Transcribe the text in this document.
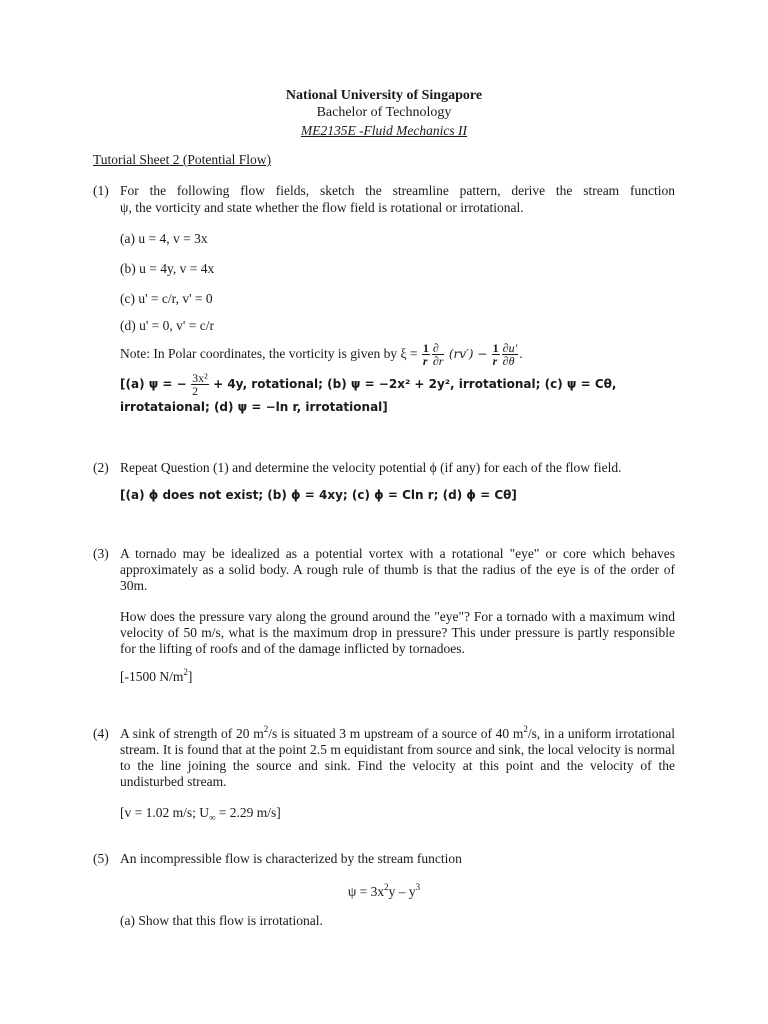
National University of Singapore
Bachelor of Technology
ME2135E -Fluid Mechanics II
Tutorial Sheet 2 (Potential Flow)
(1) For the following flow fields, sketch the streamline pattern, derive the stream function
ψ, the vorticity and state whether the flow field is rotational or irrotational.
(a) u = 4, v = 3x
(b) u = 4y, v = 4x
(c) u' = c/r, v' = 0
(d) u' = 0, v' = c/r
Note: In Polar coordinates, the vorticity is given by $\xi = \frac{1}{r} \frac{\partial}{\partial r} (rv') - \frac{1}{r} \frac{\partial u'}{\partial\theta}$ .
[(a) ψ = − $\frac{\text{3x²}}{2} + 4y$, rotational; (b) ψ = −2x² + 2y², irrotational; (c) ψ = Cθ,
irrotataional; (d) ψ = −ln r, irrotational]
(2) Repeat Question (1) and determine the velocity potential ϕ (if any) for each of the flow field.
[(a) ϕ does not exist; (b) ϕ = 4xy; (c) ϕ = Cln r; (d) ϕ = Cθ]
(3) A tornado may be idealized as a potential vortex with a rotational "eye" or core which behaves approximately as a solid body. A rough rule of thumb is that the radius of the eye is of the order of 30m.
How does the pressure vary along the ground around the "eye"? For a tornado with a maximum wind velocity of 50 m/s, what is the maximum drop in pressure? This under pressure is partly responsible for the lifting of roofs and of the damage inflicted by tornadoes.
[-1500 $N/m^2$]
(4) A sink of strength of 20 $m^2/s$ is situated 3 m upstream of a source of 40 $m^2/s$, in a uniform irrotational stream. It is found that at the point 2.5 m equidistant from source and sink, the local velocity is normal to the line joining the source and sink. Find the velocity at this point and the velocity of the undisturbed stream.
[v = 1.02 m/s; $U_\infty = 2.29$ m/s]
(5) An incompressible flow is characterized by the stream function
$\psi = 3x^2y - y^3$
(a) Show that this flow is irrotational.
